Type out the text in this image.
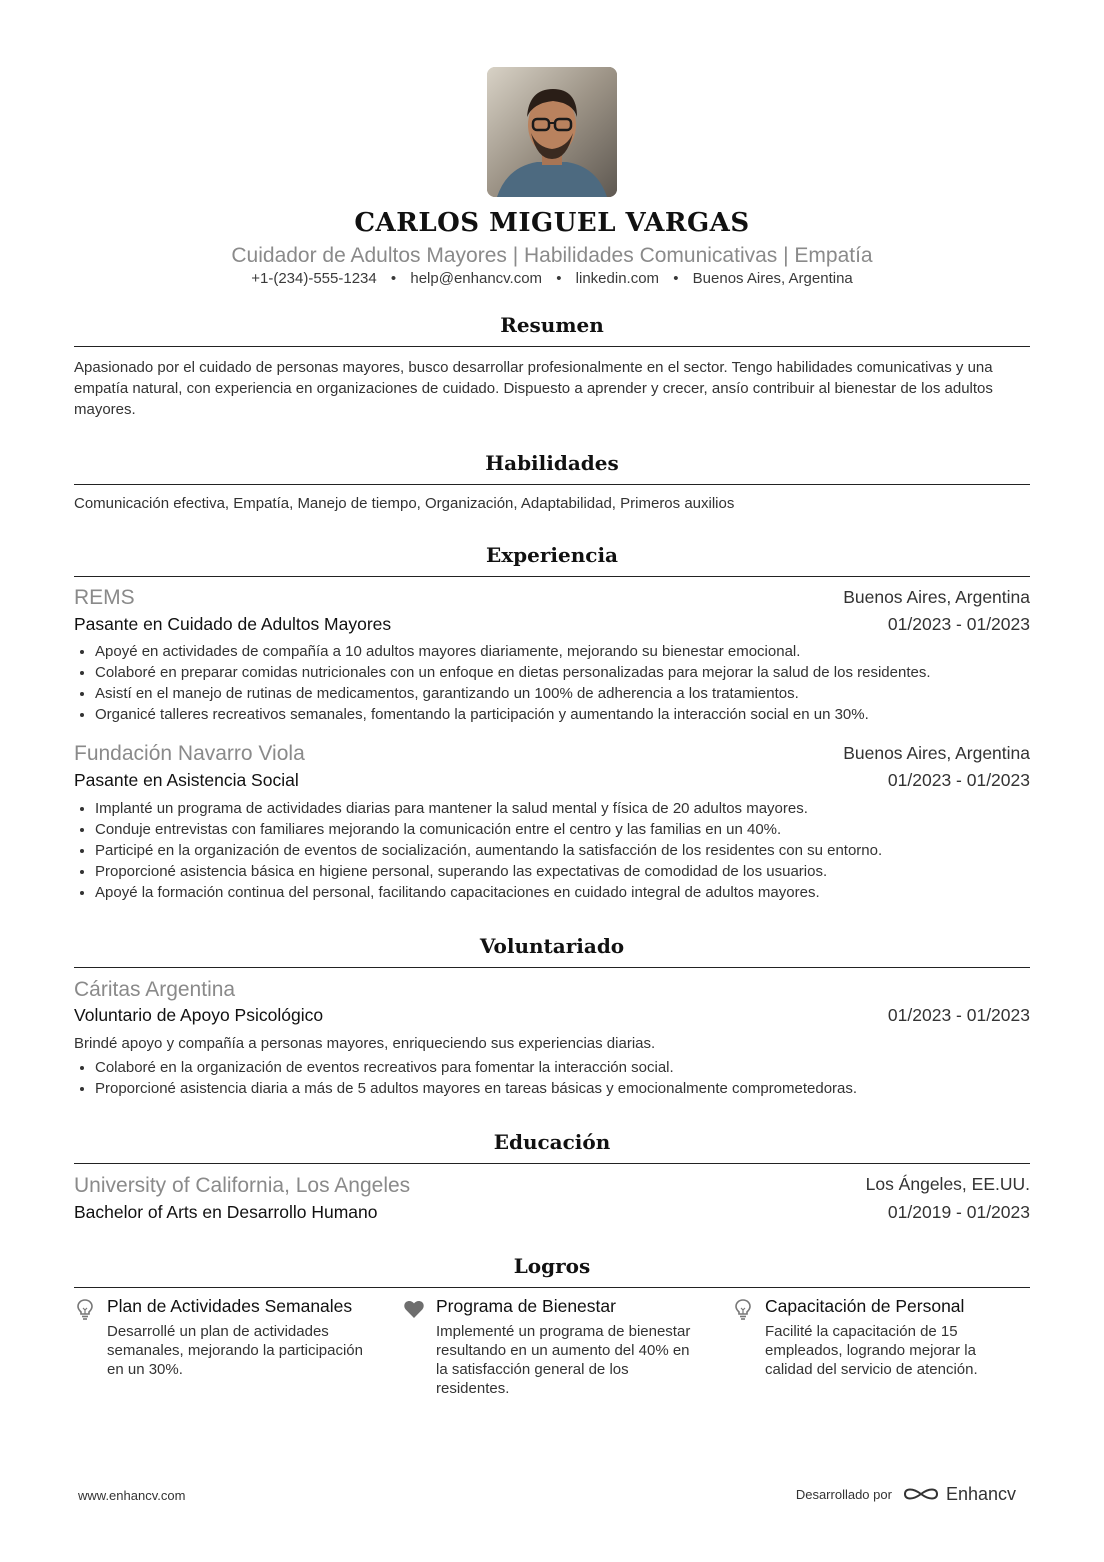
CARLOS MIGUEL VARGAS
Cuidador de Adultos Mayores | Habilidades Comunicativas | Empatía
+1-(234)-555-1234 • help@enhancv.com • linkedin.com • Buenos Aires, Argentina
Resumen
Apasionado por el cuidado de personas mayores, busco desarrollar profesionalmente en el sector. Tengo habilidades comunicativas y una empatía natural, con experiencia en organizaciones de cuidado. Dispuesto a aprender y crecer, ansío contribuir al bienestar de los adultos mayores.
Habilidades
Comunicación efectiva, Empatía, Manejo de tiempo, Organización, Adaptabilidad, Primeros auxilios
Experiencia
REMS	Buenos Aires, Argentina
Pasante en Cuidado de Adultos Mayores	01/2023 - 01/2023
Apoyé en actividades de compañía a 10 adultos mayores diariamente, mejorando su bienestar emocional.
Colaboré en preparar comidas nutricionales con un enfoque en dietas personalizadas para mejorar la salud de los residentes.
Asistí en el manejo de rutinas de medicamentos, garantizando un 100% de adherencia a los tratamientos.
Organicé talleres recreativos semanales, fomentando la participación y aumentando la interacción social en un 30%.
Fundación Navarro Viola	Buenos Aires, Argentina
Pasante en Asistencia Social	01/2023 - 01/2023
Implanté un programa de actividades diarias para mantener la salud mental y física de 20 adultos mayores.
Conduje entrevistas con familiares mejorando la comunicación entre el centro y las familias en un 40%.
Participé en la organización de eventos de socialización, aumentando la satisfacción de los residentes con su entorno.
Proporcioné asistencia básica en higiene personal, superando las expectativas de comodidad de los usuarios.
Apoyé la formación continua del personal, facilitando capacitaciones en cuidado integral de adultos mayores.
Voluntariado
Cáritas Argentina
Voluntario de Apoyo Psicológico	01/2023 - 01/2023
Brindé apoyo y compañía a personas mayores, enriqueciendo sus experiencias diarias.
Colaboré en la organización de eventos recreativos para fomentar la interacción social.
Proporcioné asistencia diaria a más de 5 adultos mayores en tareas básicas y emocionalmente comprometedoras.
Educación
University of California, Los Angeles	Los Ángeles, EE.UU.
Bachelor of Arts en Desarrollo Humano	01/2019 - 01/2023
Logros
Plan de Actividades Semanales
Desarrollé un plan de actividades semanales, mejorando la participación en un 30%.
Programa de Bienestar
Implementé un programa de bienestar resultando en un aumento del 40% en la satisfacción general de los residentes.
Capacitación de Personal
Facilité la capacitación de 15 empleados, logrando mejorar la calidad del servicio de atención.
www.enhancv.com	Desarrollado por	Enhancv
